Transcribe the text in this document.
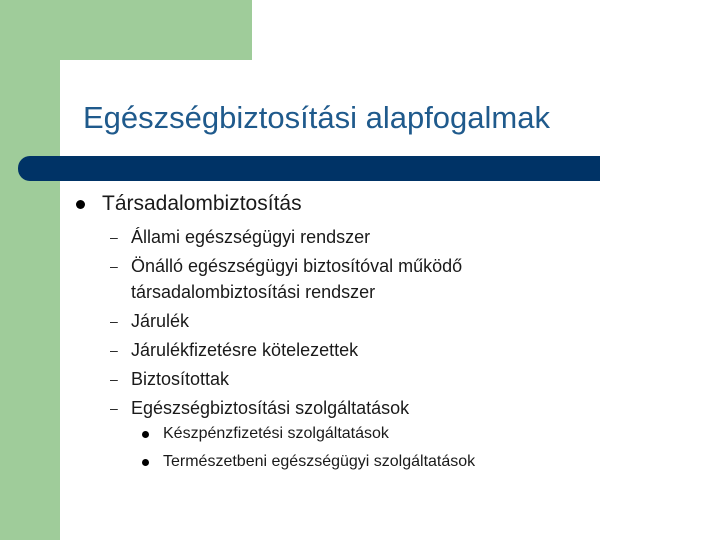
Egészségbiztosítási alapfogalmak
Társadalombiztosítás
– Állami egészségügyi rendszer
– Önálló egészségügyi biztosítóval működő társadalombiztosítási rendszer
– Járulék
– Járulékfizetésre kötelezettek
– Biztosítottak
– Egészségbiztosítási szolgáltatások
Készpénzfizetési szolgáltatások
Természetbeni egészségügyi szolgáltatások
